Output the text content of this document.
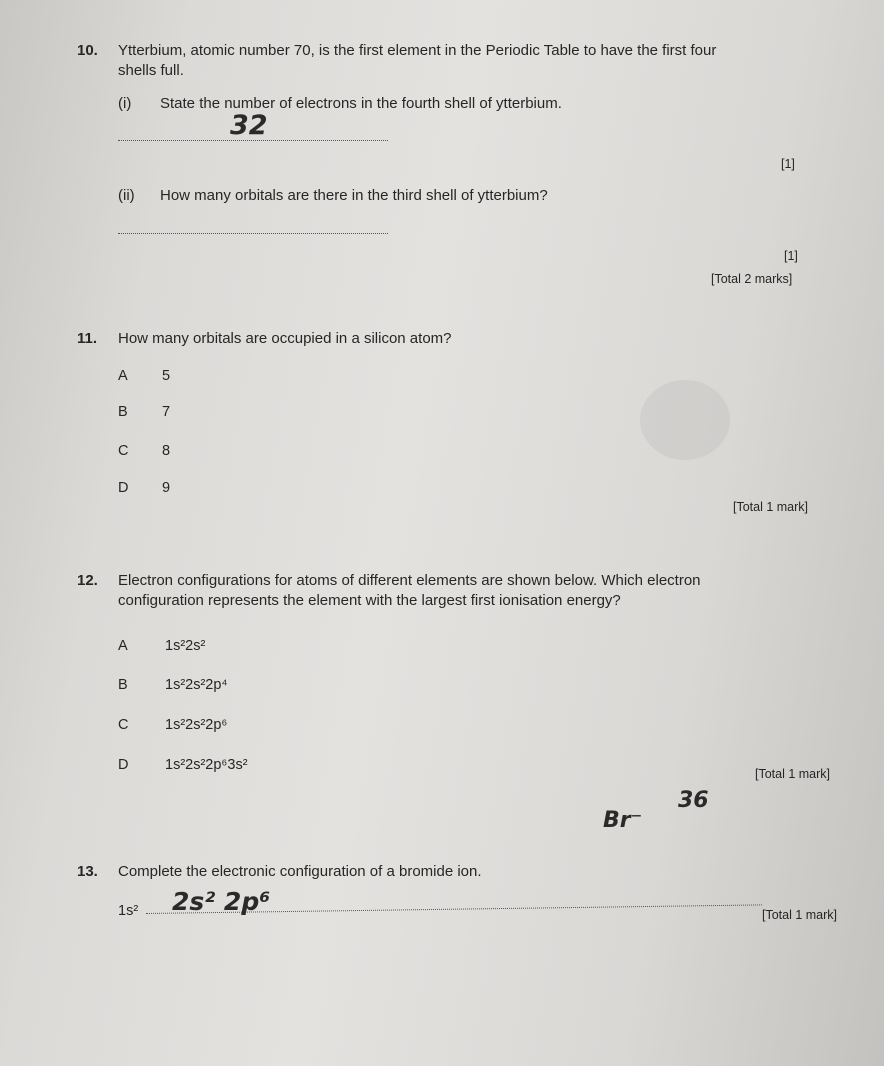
10. Ytterbium, atomic number 70, is the first element in the Periodic Table to have the first four
shells full.
(i) State the number of electrons in the fourth shell of ytterbium.
32
[1]
(ii) How many orbitals are there in the third shell of ytterbium?
[1]
[Total 2 marks]
11. How many orbitals are occupied in a silicon atom?
A 5
B 7
C 8
D 9
[Total 1 mark]
12. Electron configurations for atoms of different elements are shown below. Which electron
configuration represents the element with the largest first ionisation energy?
A	1s²2s²
B	1s²2s²2p⁴
C	1s²2s²2p⁶
D	1s²2s²2p⁶3s²
[Total 1 mark]
Br⁻
36
13. Complete the electronic configuration of a bromide ion.
1s² 2s² 2p⁶	[Total 1 mark]
